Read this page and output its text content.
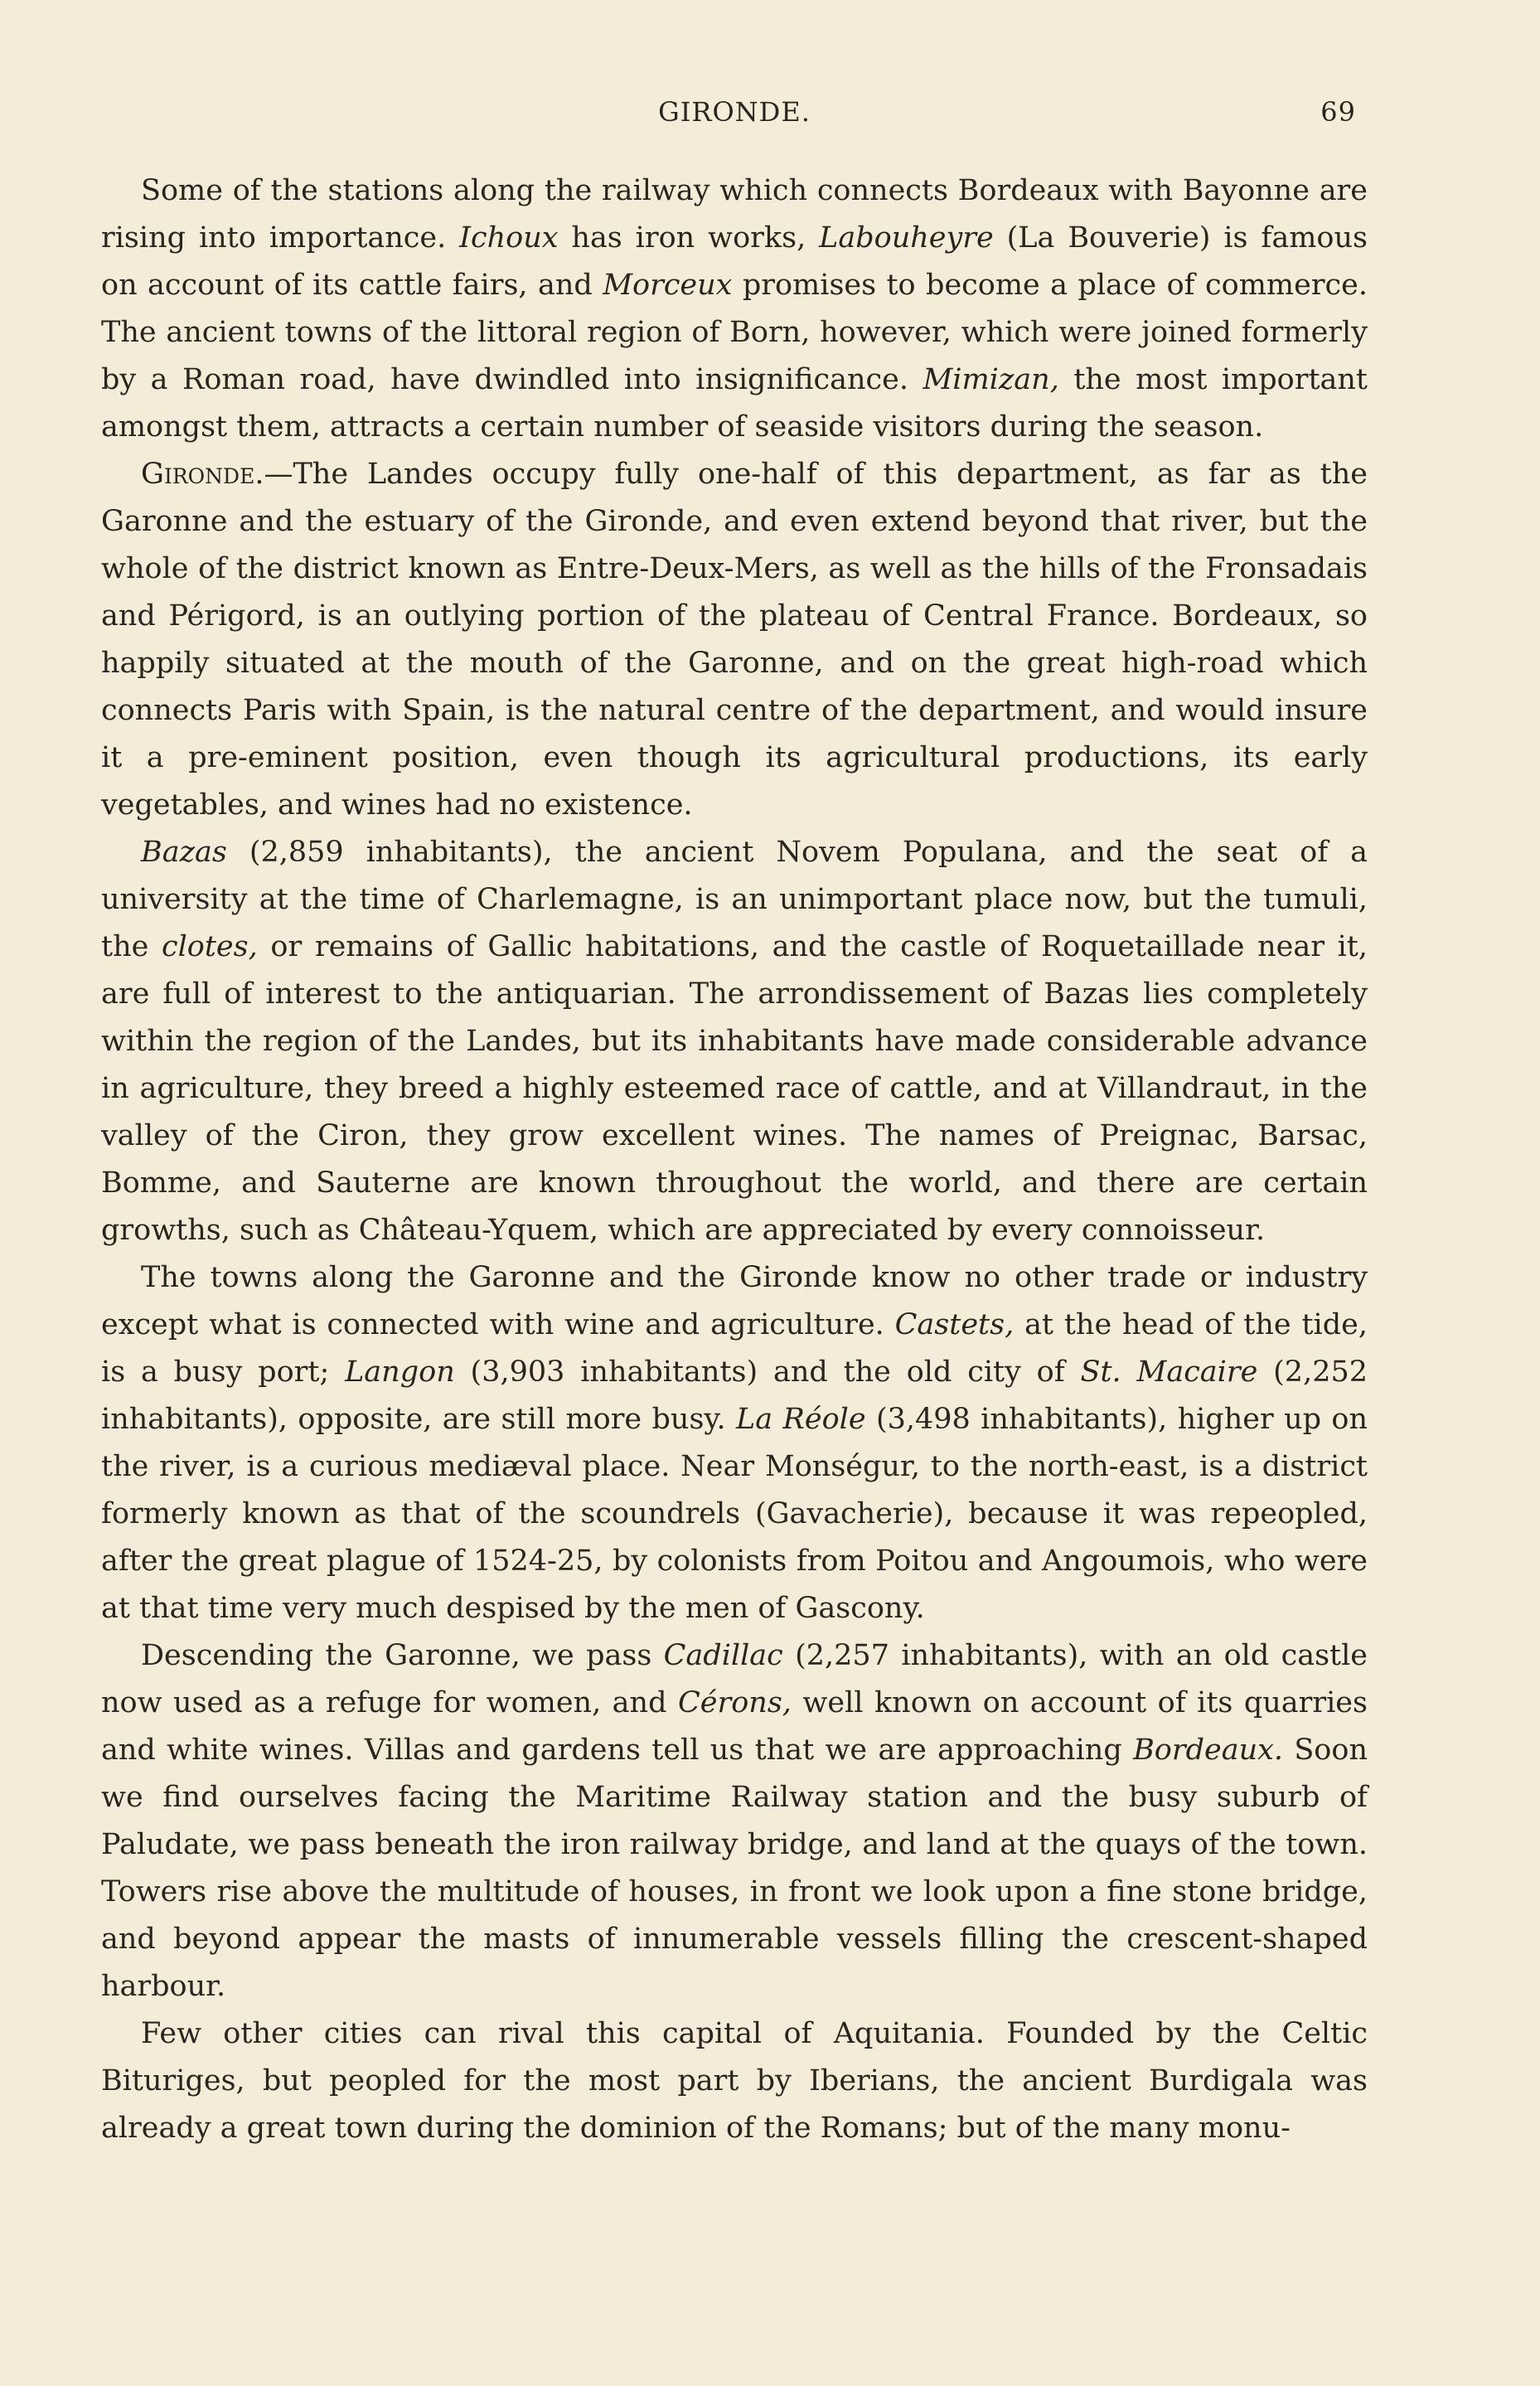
GIRONDE.	69

Some of the stations along the railway which connects Bordeaux with Bayonne are rising into importance. Ichoux has iron works, Labouheyre (La Bouverie) is famous on account of its cattle fairs, and Morceux promises to become a place of commerce. The ancient towns of the littoral region of Born, however, which were joined formerly by a Roman road, have dwindled into insignificance. Mimizan, the most important amongst them, attracts a certain number of seaside visitors during the season.

Gironde.—The Landes occupy fully one-half of this department, as far as the Garonne and the estuary of the Gironde, and even extend beyond that river, but the whole of the district known as Entre-Deux-Mers, as well as the hills of the Fronsadais and Périgord, is an outlying portion of the plateau of Central France. Bordeaux, so happily situated at the mouth of the Garonne, and on the great high-road which connects Paris with Spain, is the natural centre of the department, and would insure it a pre-eminent position, even though its agricultural productions, its early vegetables, and wines had no existence.

Bazas (2,859 inhabitants), the ancient Novem Populana, and the seat of a university at the time of Charlemagne, is an unimportant place now, but the tumuli, the clotes, or remains of Gallic habitations, and the castle of Roquetaillade near it, are full of interest to the antiquarian. The arrondissement of Bazas lies completely within the region of the Landes, but its inhabitants have made considerable advance in agriculture, they breed a highly esteemed race of cattle, and at Villandraut, in the valley of the Ciron, they grow excellent wines. The names of Preignac, Barsac, Bomme, and Sauterne are known throughout the world, and there are certain growths, such as Château-Yquem, which are appreciated by every connoisseur.

The towns along the Garonne and the Gironde know no other trade or industry except what is connected with wine and agriculture. Castets, at the head of the tide, is a busy port; Langon (3,903 inhabitants) and the old city of St. Macaire (2,252 inhabitants), opposite, are still more busy. La Réole (3,498 inhabitants), higher up on the river, is a curious mediæval place. Near Monségur, to the north-east, is a district formerly known as that of the scoundrels (Gavacherie), because it was repeopled, after the great plague of 1524-25, by colonists from Poitou and Angoumois, who were at that time very much despised by the men of Gascony.

Descending the Garonne, we pass Cadillac (2,257 inhabitants), with an old castle now used as a refuge for women, and Cérons, well known on account of its quarries and white wines. Villas and gardens tell us that we are approaching Bordeaux. Soon we find ourselves facing the Maritime Railway station and the busy suburb of Paludate, we pass beneath the iron railway bridge, and land at the quays of the town. Towers rise above the multitude of houses, in front we look upon a fine stone bridge, and beyond appear the masts of innumerable vessels filling the crescent-shaped harbour.

Few other cities can rival this capital of Aquitania. Founded by the Celtic Bituriges, but peopled for the most part by Iberians, the ancient Burdigala was already a great town during the dominion of the Romans; but of the many monu-
